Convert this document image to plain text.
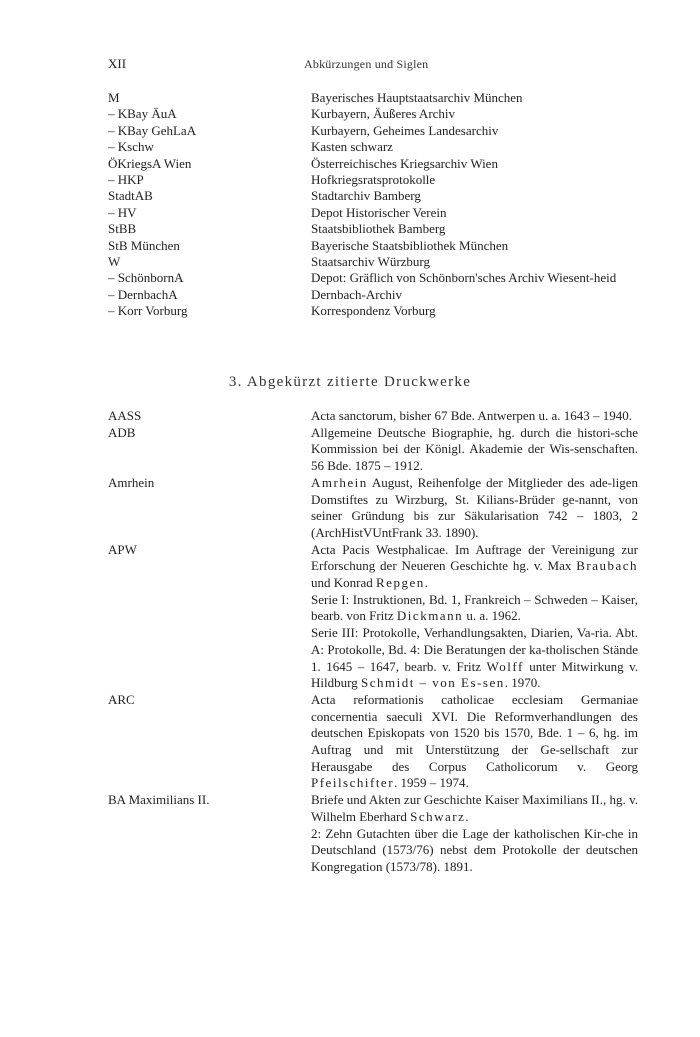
XII	Abkürzungen und Siglen
M	Bayerisches Hauptstaatsarchiv München
– KBay ÄuA	Kurbayern, Äußeres Archiv
– KBay GehLaA	Kurbayern, Geheimes Landesarchiv
– Kschw	Kasten schwarz
ÖKriegsA Wien	Österreichisches Kriegsarchiv Wien
– HKP	Hofkriegsratsprotokolle
StadtAB	Stadtarchiv Bamberg
– HV	Depot Historischer Verein
StBB	Staatsbibliothek Bamberg
StB München	Bayerische Staatsbibliothek München
W	Staatsarchiv Würzburg
– SchönbornA	Depot: Gräflich von Schönborn'sches Archiv Wiesent-heid
– DernbachA	Dernbach-Archiv
– Korr Vorburg	Korrespondenz Vorburg
3. Abgekürzt zitierte Druckwerke
AASS	Acta sanctorum, bisher 67 Bde. Antwerpen u. a. 1643 – 1940.
ADB	Allgemeine Deutsche Biographie, hg. durch die histori-sche Kommission bei der Königl. Akademie der Wis-senschaften. 56 Bde. 1875 – 1912.
Amrhein	Amrhein August, Reihenfolge der Mitglieder des ade-ligen Domstiftes zu Wirzburg, St. Kilians-Brüder ge-nannt, von seiner Gründung bis zur Säkularisation 742 – 1803, 2 (ArchHistVUntFrank 33. 1890).
APW	Acta Pacis Westphalicae. Im Auftrage der Vereinigung zur Erforschung der Neueren Geschichte hg. v. Max Braubach und Konrad Repgen.
Serie I: Instruktionen, Bd. 1, Frankreich – Schweden – Kaiser, bearb. von Fritz Dickmann u. a. 1962.
Serie III: Protokolle, Verhandlungsakten, Diarien, Va-ria. Abt. A: Protokolle, Bd. 4: Die Beratungen der ka-tholischen Stände 1. 1645 – 1647, bearb. v. Fritz Wolff unter Mitwirkung v. Hildburg Schmidt – von Es-sen. 1970.
ARC	Acta reformationis catholicae ecclesiam Germaniae concernentia saeculi XVI. Die Reformverhandlungen des deutschen Episkopats von 1520 bis 1570, Bde. 1 – 6, hg. im Auftrag und mit Unterstützung der Ge-sellschaft zur Herausgabe des Corpus Catholicorum v. Georg Pfeilschifter. 1959 – 1974.
BA Maximilians II.	Briefe und Akten zur Geschichte Kaiser Maximilians II., hg. v. Wilhelm Eberhard Schwarz.
2: Zehn Gutachten über die Lage der katholischen Kir-che in Deutschland (1573/76) nebst dem Protokolle der deutschen Kongregation (1573/78). 1891.
